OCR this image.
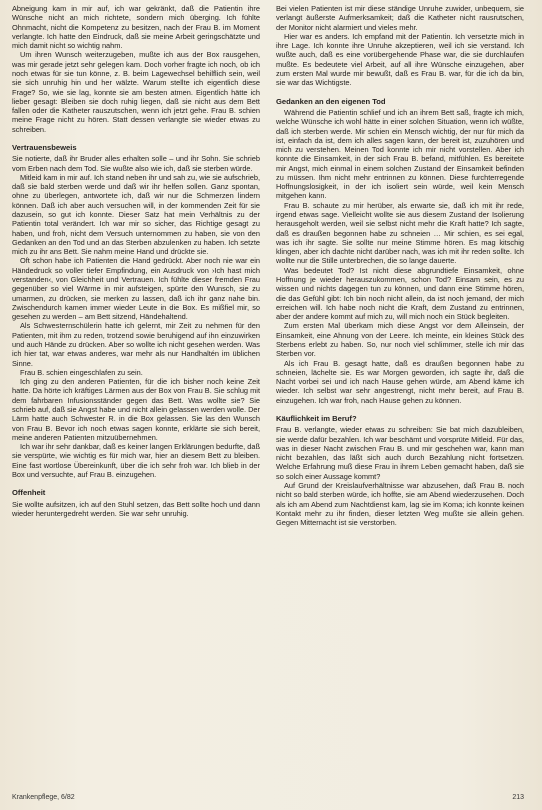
Abneigung kam in mir auf, ich war gekränkt, daß die Patientin ihre Wünsche nicht an mich richtete, sondern mich überging. Ich fühlte Ohnmacht, nicht die Kompetenz zu besitzen, nach der Frau B. im Moment verlangte. Ich hatte den Eindruck, daß sie meine Arbeit geringschätzte und mich damit nicht so wichtig nahm.

Um ihren Wunsch weiterzugeben, mußte ich aus der Box rausgehen, was mir gerade jetzt sehr gelegen kam. Doch vorher fragte ich noch, ob ich noch etwas für sie tun könne, z. B. beim Lagewechsel behilflich sein, weil sie sich unruhig hin und her wälzte. Warum stellte ich eigentlich diese Frage? So, wie sie lag, konnte sie am besten atmen. Eigentlich hätte ich lieber gesagt: Bleiben sie doch ruhig liegen, daß sie nicht aus dem Bett fallen oder die Katheter rauszutschen, wenn ich jetzt gehe. Frau B. schien meine Frage nicht zu hören. Statt dessen verlangte sie wieder etwas zu schreiben.

Vertrauensbeweis

Sie notierte, daß ihr Bruder alles erhalten solle – und ihr Sohn. Sie schrieb vom Erben nach dem Tod. Sie wußte also wie ich, daß sie sterben würde.

Mitleid kam in mir auf. Ich stand neben ihr und sah zu, wie sie aufschrieb, daß sie bald sterben werde und daß wir ihr helfen sollen. Ganz spontan, ohne zu überlegen, antwortete ich, daß wir nur die Schmerzen lindern können. Daß ich aber auch versuchen will, in der kommenden Zeit für sie dazusein, so gut ich konnte. Dieser Satz hat mein Verhältnis zu der Patientin total verändert. Ich war mir so sicher, das Richtige gesagt zu haben, und froh, nicht dem Versuch unternommen zu haben, sie von den Gedanken an den Tod und an das Sterben abzulenken zu haben. Ich setzte mich zu ihr ans Bett. Sie nahm meine Hand und drückte sie.

Oft schon habe ich Patienten die Hand gedrückt. Aber noch nie war ein Händedruck so voller tiefer Empfindung, ein Ausdruck von ›Ich hast mich verstanden‹, von Gleichheit und Vertrauen. Ich fühlte dieser fremden Frau gegenüber so viel Wärme in mir aufsteigen, spürte den Wunsch, sie zu umarmen, zu drücken, sie merken zu lassen, daß ich ihr ganz nahe bin. Zwischendurch kamen immer wieder Leute in die Box. Es mißfiel mir, so gesehen zu werden – am Bett sitzend, Händehaltend.

Als Schwesternschülerin hatte ich gelernt, mir Zeit zu nehmen für den Patienten, mit ihm zu reden, trotzend sowie beruhigend auf ihn einzuwirken und auch Hände zu drücken. Aber so wollte ich nicht gesehen werden. Was ich hier tat, war etwas anderes, war mehr als nur Handhaltén im üblichen Sinne.

Frau B. schien eingeschlafen zu sein.

Ich ging zu den anderen Patienten, für die ich bisher noch keine Zeit hatte. Da hörte ich kräftiges Lärmen aus der Box von Frau B. Sie schlug mit dem fahrbaren Infusionsständer gegen das Bett. Was wollte sie? Sie schrieb auf, daß sie Angst habe und nicht allein gelassen werden wolle. Der Lärm hatte auch Schwester R. in die Box gelassen. Sie las den Wunsch von Frau B. Bevor ich noch etwas sagen konnte, erklärte sie sich bereit, meine anderen Patienten mitzuübernehmen.

Ich war ihr sehr dankbar, daß es keiner langen Erklärungen bedurfte, daß sie verspürte, wie wichtig es für mich war, hier an diesem Bett zu bleiben. Eine fast wortlose Übereinkunft, über die ich sehr froh war. Ich blieb in der Box und versuchte, auf Frau B. einzugehen.

Offenheit

Sie wollte aufsitzen, ich auf den Stuhl setzen, das Bett sollte hoch und dann wieder heruntergedreht werden. Sie war sehr unruhig.

Bei vielen Patienten ist mir diese ständige Unruhe zuwider, unbequem, sie verlangt äußerste Aufmerksamkeit; daß die Katheter nicht rausrutschen, der Monitor nicht alarmiert und vieles mehr.

Hier war es anders. Ich empfand mit der Patientin. Ich versetzte mich in ihre Lage. Ich konnte ihre Unruhe akzeptieren, weil ich sie verstand. Ich wußte auch, daß es eine vorübergehende Phase war, die sie durchlaufen mußte. Es bedeutete viel Arbeit, auf all ihre Wünsche einzugehen, aber zum ersten Mal wurde mir bewußt, daß es Frau B. war, für die ich da bin, sie war das Wichtigste.

Gedanken an den eigenen Tod

Während die Patientin schlief und ich an ihrem Bett saß, fragte ich mich, welche Wünsche ich wohl hätte in einer solchen Situation, wenn ich wüßte, daß ich sterben werde. Mir schien ein Mensch wichtig, der nur für mich da ist, einfach da ist, dem ich alles sagen kann, der bereit ist, zuzuhören und mich zu verstehen. Meinen Tod konnte ich mir nicht vorstellen. Aber ich konnte die Einsamkeit, in der sich Frau B. befand, mitfühlen. Es bereitete mir Angst, mich einmal in einem solchen Zustand der Einsamkeit befinden zu müssen. Ihm nicht mehr entrinnen zu können. Diese furchterregende Hoffnungslosigkeit, in der ich isoliert sein würde, weil kein Mensch mitgehen kann.

Frau B. schaute zu mir herüber, als erwarte sie, daß ich mit ihr rede, irgend etwas sage. Vielleicht wollte sie aus diesem Zustand der Isolierung herausgeholt werden, weil sie selbst nicht mehr die Kraft hatte? Ich sagte, daß es draußen begonnen habe zu schneien … Mir schien, es sei egal, was ich ihr sagte. Sie sollte nur meine Stimme hören. Es mag kitschig klingen, aber ich dachte nicht darüber nach, was ich mit ihr reden sollte. Ich wollte nur die Stille unterbrechen, die so lange dauerte.

Was bedeutet Tod? Ist nicht diese abgrundtiefe Einsamkeit, ohne Hoffnung je wieder herauszukommen, schon Tod? Einsam sein, es zu wissen und nichts dagegen tun zu können, und dann eine Stimme hören, die das Gefühl gibt: Ich bin noch nicht allein, da ist noch jemand, der mich erreichen will. Ich habe noch nicht die Kraft, dem Zustand zu entrinnen, aber der andere kommt auf mich zu, will mich noch ein Stück begleiten.

Zum ersten Mal überkam mich diese Angst vor dem Alleinsein, der Einsamkeit, eine Ahnung von der Leere. Ich meinte, ein kleines Stück des Sterbens erlebt zu haben. So, nur noch viel schlimmer, stelle ich mir das Sterben vor.

Als ich Frau B. gesagt hatte, daß es draußen begonnen habe zu schneien, lächelte sie. Es war Morgen geworden, ich sagte ihr, daß die Nacht vorbei sei und ich nach Hause gehen würde, am Abend käme ich wieder. Ich selbst war sehr angestrengt, nicht mehr bereit, auf Frau B. einzugehen. Ich war froh, nach Hause gehen zu können.

Käuflichkeit im Beruf?

Frau B. verlangte, wieder etwas zu schreiben: Sie bat mich dazubleiben, sie werde dafür bezahlen. Ich war beschämt und vorsprüte Mitleid. Für das, was in dieser Nacht zwischen Frau B. und mir geschehen war, kann man nicht bezahlen, das läßt sich auch durch Bezahlung nicht fortsetzen. Welche Erfahrung muß diese Frau in ihrem Leben gemacht haben, daß sie so solch einer Aussage kommt?

Auf Grund der Kreislaufverhältnisse war abzusehen, daß Frau B. noch nicht so bald sterben würde, ich hoffte, sie am Abend wiederzusehen. Doch als ich am Abend zum Nachtdienst kam, lag sie im Koma; ich konnte keinen Kontakt mehr zu ihr finden, dieser letzten Weg mußte sie allein gehen. Gegen Mitternacht ist sie verstorben.

Krankenpflege, 6/82	213
